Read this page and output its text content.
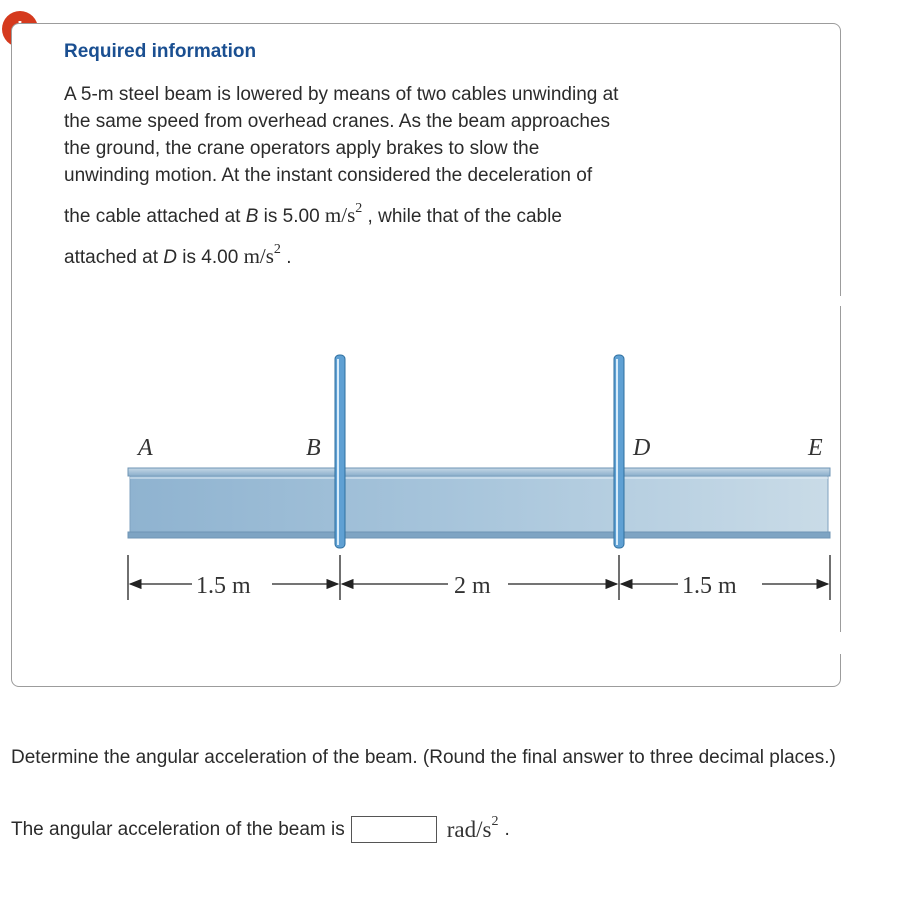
Required information
A 5-m steel beam is lowered by means of two cables unwinding at
the same speed from overhead cranes. As the beam approaches
the ground, the crane operators apply brakes to slow the
unwinding motion. At the instant considered the deceleration of
the cable attached at B is 5.00 $m/s^2$ , while that of the cable
attached at D is 4.00 $m/s^2$ .
A	B	D	E
1.5 m	2 m	1.5 m
Determine the angular acceleration of the beam. (Round the final answer to three decimal places.)
The angular acceleration of the beam is	rad/$s^2$ .
